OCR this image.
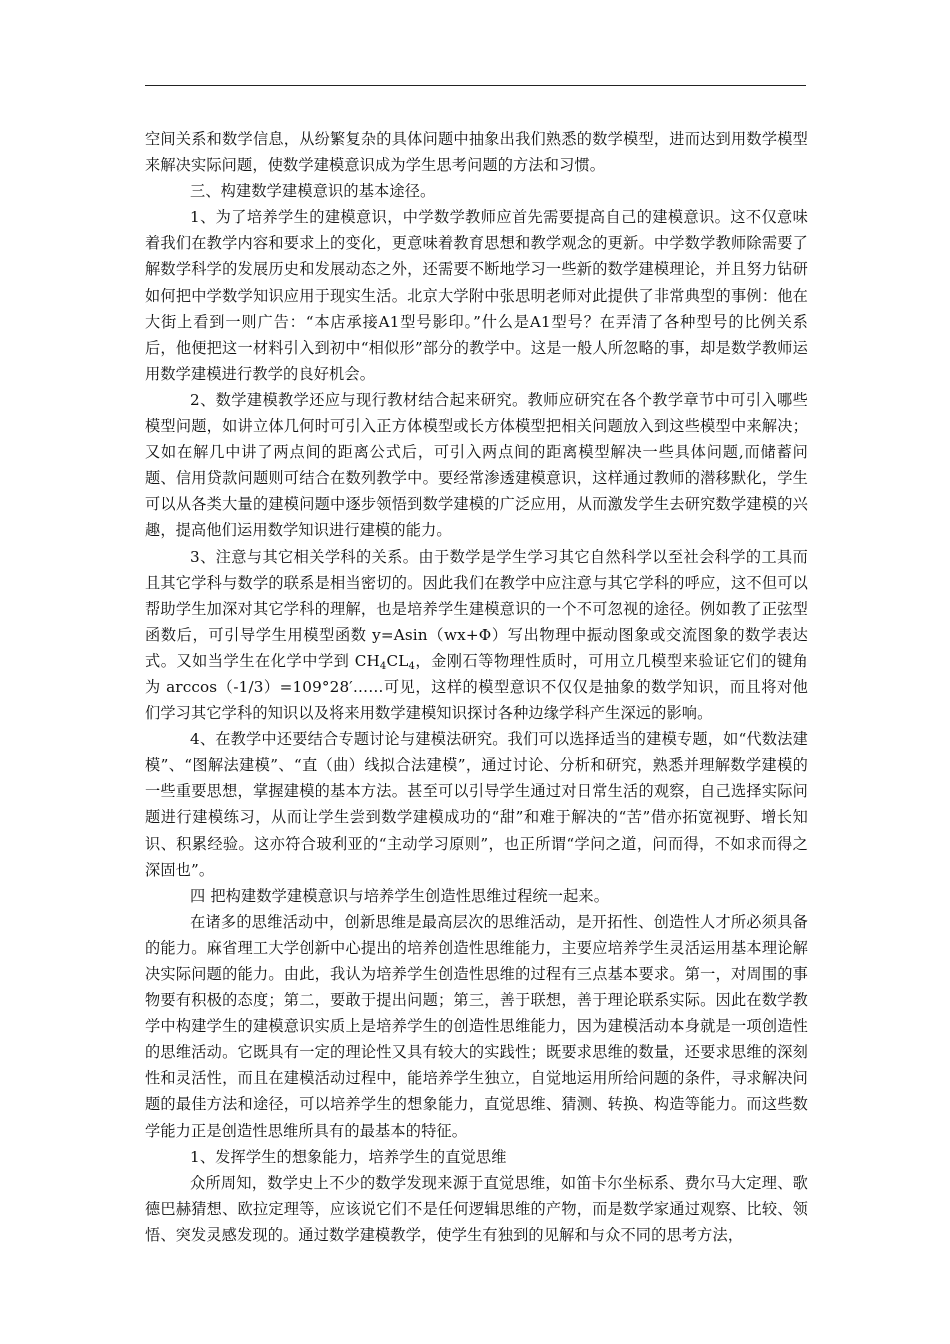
空间关系和数学信息，从纷繁复杂的具体问题中抽象出我们熟悉的数学模型，进而达到用数学模型来解决实际问题，使数学建模意识成为学生思考问题的方法和习惯。

三、构建数学建模意识的基本途径。

1、为了培养学生的建模意识，中学数学教师应首先需要提高自己的建模意识。这不仅意味着我们在教学内容和要求上的变化，更意味着教育思想和教学观念的更新。中学数学教师除需要了解数学科学的发展历史和发展动态之外，还需要不断地学习一些新的数学建模理论，并且努力钻研如何把中学数学知识应用于现实生活。北京大学附中张思明老师对此提供了非常典型的事例：他在大街上看到一则广告：“本店承接A1型号影印。”什么是A1型号？在弄清了各种型号的比例关系后，他便把这一材料引入到初中“相似形”部分的教学中。这是一般人所忽略的事，却是数学教师运用数学建模进行教学的良好机会。

2、数学建模教学还应与现行教材结合起来研究。教师应研究在各个教学章节中可引入哪些模型问题，如讲立体几何时可引入正方体模型或长方体模型把相关问题放入到这些模型中来解决；又如在解几中讲了两点间的距离公式后，可引入两点间的距离模型解决一些具体问题,而储蓄问题、信用贷款问题则可结合在数列教学中。要经常渗透建模意识，这样通过教师的潜移默化，学生可以从各类大量的建模问题中逐步领悟到数学建模的广泛应用，从而激发学生去研究数学建模的兴趣，提高他们运用数学知识进行建模的能力。

3、注意与其它相关学科的关系。由于数学是学生学习其它自然科学以至社会科学的工具而且其它学科与数学的联系是相当密切的。因此我们在教学中应注意与其它学科的呼应，这不但可以帮助学生加深对其它学科的理解，也是培养学生建模意识的一个不可忽视的途径。例如教了正弦型函数后，可引导学生用模型函数 y=Asin（wx+Φ）写出物理中振动图象或交流图象的数学表达式。又如当学生在化学中学到 $CH_4CL_4$，金刚石等物理性质时，可用立几模型来验证它们的键角为 arccos（-1/3）=109°28′……可见，这样的模型意识不仅仅是抽象的数学知识，而且将对他们学习其它学科的知识以及将来用数学建模知识探讨各种边缘学科产生深远的影响。

4、在教学中还要结合专题讨论与建模法研究。我们可以选择适当的建模专题，如“代数法建模”、“图解法建模”、“直（曲）线拟合法建模”，通过讨论、分析和研究，熟悉并理解数学建模的一些重要思想，掌握建模的基本方法。甚至可以引导学生通过对日常生活的观察，自己选择实际问题进行建模练习，从而让学生尝到数学建模成功的“甜”和难于解决的“苦”借亦拓宽视野、增长知识、积累经验。这亦符合玻利亚的“主动学习原则”，也正所谓“学问之道，问而得，不如求而得之深固也”。

四 把构建数学建模意识与培养学生创造性思维过程统一起来。

在诸多的思维活动中，创新思维是最高层次的思维活动，是开拓性、创造性人才所必须具备的能力。麻省理工大学创新中心提出的培养创造性思维能力，主要应培养学生灵活运用基本理论解决实际问题的能力。由此，我认为培养学生创造性思维的过程有三点基本要求。第一，对周围的事物要有积极的态度；第二，要敢于提出问题；第三，善于联想，善于理论联系实际。因此在数学教学中构建学生的建模意识实质上是培养学生的创造性思维能力，因为建模活动本身就是一项创造性的思维活动。它既具有一定的理论性又具有较大的实践性；既要求思维的数量，还要求思维的深刻性和灵活性，而且在建模活动过程中，能培养学生独立，自觉地运用所给问题的条件，寻求解决问题的最佳方法和途径，可以培养学生的想象能力，直觉思维、猜测、转换、构造等能力。而这些数学能力正是创造性思维所具有的最基本的特征。

1、发挥学生的想象能力，培养学生的直觉思维

众所周知，数学史上不少的数学发现来源于直觉思维，如笛卡尔坐标系、费尔马大定理、歌德巴赫猜想、欧拉定理等，应该说它们不是任何逻辑思维的产物，而是数学家通过观察、比较、领悟、突发灵感发现的。通过数学建模教学，使学生有独到的见解和与众不同的思考方法，
